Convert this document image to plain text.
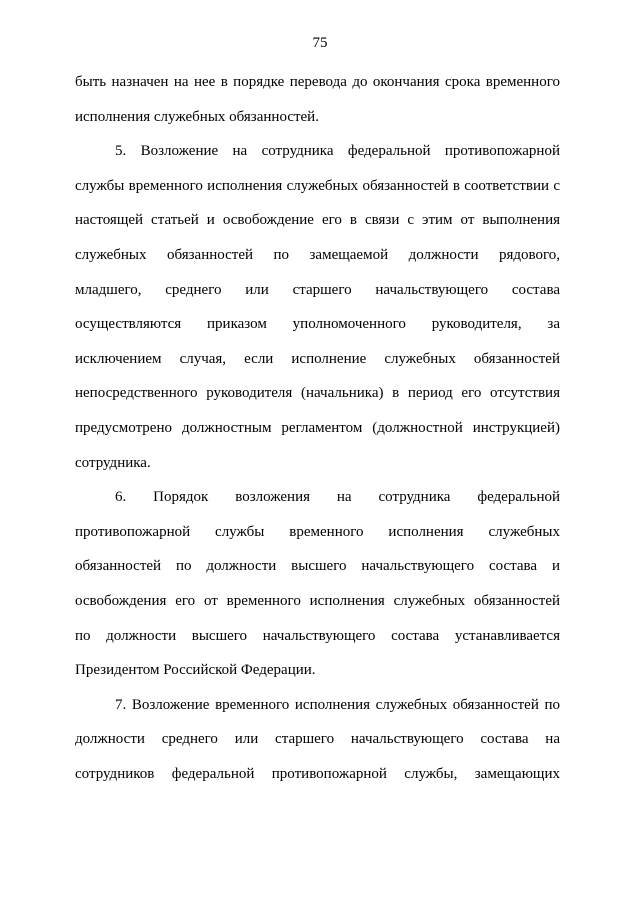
75
быть назначен на нее в порядке перевода до окончания срока временного
исполнения служебных обязанностей.
5. Возложение на сотрудника федеральной противопожарной
службы временного исполнения служебных обязанностей в соответствии с
настоящей статьей и освобождение его в связи с этим от выполнения
служебных обязанностей по замещаемой должности рядового,
младшего, среднего или старшего начальствующего состава
осуществляются приказом уполномоченного руководителя, за
исключением случая, если исполнение служебных обязанностей
непосредственного руководителя (начальника) в период его отсутствия
предусмотрено должностным регламентом (должностной инструкцией)
сотрудника.
6. Порядок возложения на сотрудника федеральной
противопожарной службы временного исполнения служебных
обязанностей по должности высшего начальствующего состава и
освобождения его от временного исполнения служебных обязанностей
по должности высшего начальствующего состава устанавливается
Президентом Российской Федерации.
7. Возложение временного исполнения служебных обязанностей по
должности среднего или старшего начальствующего состава на
сотрудников федеральной противопожарной службы, замещающих
